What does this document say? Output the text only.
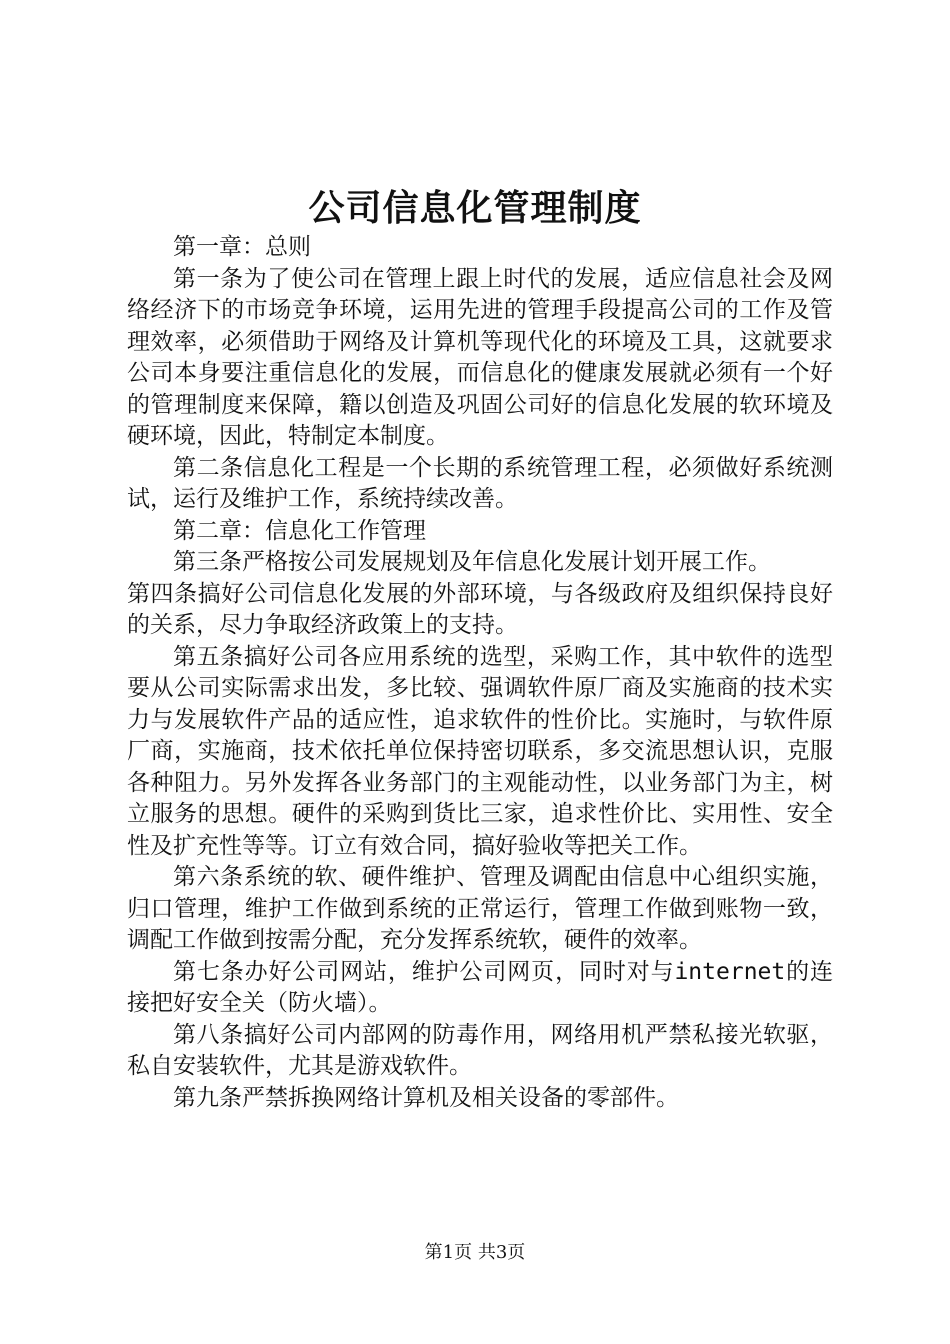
公司信息化管理制度

第一章：总则

第一条为了使公司在管理上跟上时代的发展，适应信息社会及网络经济下的市场竞争环境，运用先进的管理手段提高公司的工作及管理效率，必须借助于网络及计算机等现代化的环境及工具，这就要求公司本身要注重信息化的发展，而信息化的健康发展就必须有一个好的管理制度来保障，籍以创造及巩固公司好的信息化发展的软环境及硬环境，因此，特制定本制度。

第二条信息化工程是一个长期的系统管理工程，必须做好系统测试，运行及维护工作，系统持续改善。

第二章：信息化工作管理

第三条严格按公司发展规划及年信息化发展计划开展工作。

第四条搞好公司信息化发展的外部环境，与各级政府及组织保持良好的关系，尽力争取经济政策上的支持。

第五条搞好公司各应用系统的选型，采购工作，其中软件的选型要从公司实际需求出发，多比较、强调软件原厂商及实施商的技术实力与发展软件产品的适应性，追求软件的性价比。实施时，与软件原厂商，实施商，技术依托单位保持密切联系，多交流思想认识，克服各种阻力。另外发挥各业务部门的主观能动性，以业务部门为主，树立服务的思想。硬件的采购到货比三家，追求性价比、实用性、安全性及扩充性等等。订立有效合同，搞好验收等把关工作。

第六条系统的软、硬件维护、管理及调配由信息中心组织实施，归口管理，维护工作做到系统的正常运行，管理工作做到账物一致，调配工作做到按需分配，充分发挥系统软，硬件的效率。

第七条办好公司网站，维护公司网页，同时对与internet的连接把好安全关（防火墙）。

第八条搞好公司内部网的防毒作用，网络用机严禁私接光软驱，私自安装软件，尤其是游戏软件。

第九条严禁拆换网络计算机及相关设备的零部件。

第1页 共3页
